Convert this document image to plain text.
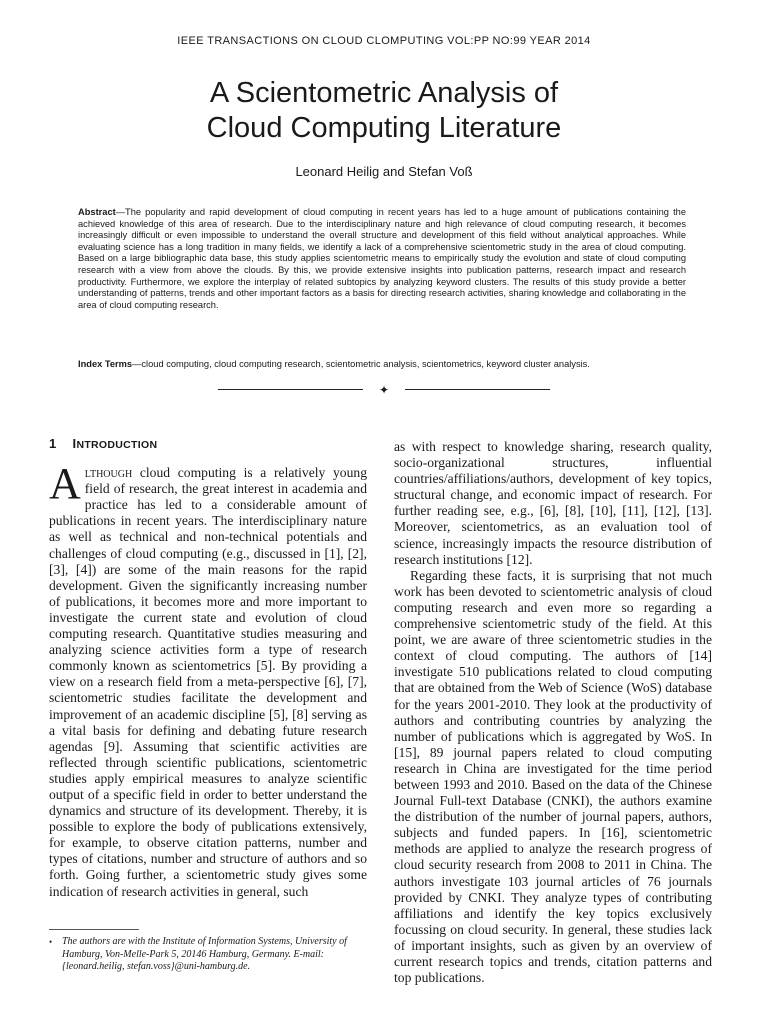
IEEE TRANSACTIONS ON CLOUD CLOMPUTING VOL:PP NO:99 YEAR 2014
A Scientometric Analysis of
Cloud Computing Literature
Leonard Heilig and Stefan Voß

Abstract—The popularity and rapid development of cloud computing in recent years has led to a huge amount of publications containing the achieved knowledge of this area of research. Due to the interdisciplinary nature and high relevance of cloud computing research, it becomes increasingly difficult or even impossible to understand the overall structure and development of this field without analytical approaches. While evaluating science has a long tradition in many fields, we identify a lack of a comprehensive scientometric study in the area of cloud computing. Based on a large bibliographic data base, this study applies scientometric means to empirically study the evolution and state of cloud computing research with a view from above the clouds. By this, we provide extensive insights into publication patterns, research impact and research productivity. Furthermore, we explore the interplay of related subtopics by analyzing keyword clusters. The results of this study provide a better understanding of patterns, trends and other important factors as a basis for directing research activities, sharing knowledge and collaborating in the area of cloud computing research.

Index Terms—cloud computing, cloud computing research, scientometric analysis, scientometrics, keyword cluster analysis.

✦
1 INTRODUCTION

Although cloud computing is a relatively young field of research, the great interest in academia and practice has led to a considerable amount of publications in recent years. The interdisciplinary nature as well as technical and non-technical potentials and challenges of cloud computing (e.g., discussed in [1], [2], [3], [4]) are some of the main reasons for the rapid development. Given the significantly increasing number of publications, it becomes more and more important to investigate the current state and evolution of cloud computing research. Quantitative studies measuring and analyzing science activities form a type of research commonly known as scientometrics [5]. By providing a view on a research field from a meta-perspective [6], [7], scientometric studies facilitate the development and improvement of an academic discipline [5], [8] serving as a vital basis for defining and debating future research agendas [9]. Assuming that scientific activities are reflected through scientific publications, scientometric studies apply empirical measures to analyze scientific output of a specific field in order to better understand the dynamics and structure of its development. Thereby, it is possible to explore the body of publications extensively, for example, to observe citation patterns, number and types of citations, number and structure of authors and so forth. Going further, a scientometric study gives some indication of research activities in general, such

as with respect to knowledge sharing, research quality, socio-organizational structures, influential countries/affiliations/authors, development of key topics, structural change, and economic impact of research. For further reading see, e.g., [6], [8], [10], [11], [12], [13]. Moreover, scientometrics, as an evaluation tool of science, increasingly impacts the resource distribution of research institutions [12].

Regarding these facts, it is surprising that not much work has been devoted to scientometric analysis of cloud computing research and even more so regarding a comprehensive scientometric study of the field. At this point, we are aware of three scientometric studies in the context of cloud computing. The authors of [14] investigate 510 publications related to cloud computing that are obtained from the Web of Science (WoS) database for the years 2001-2010. They look at the productivity of authors and contributing countries by analyzing the number of publications which is aggregated by WoS. In [15], 89 journal papers related to cloud computing research in China are investigated for the time period between 1993 and 2010. Based on the data of the Chinese Journal Full-text Database (CNKI), the authors examine the distribution of the number of journal papers, authors, subjects and funded papers. In [16], scientometric methods are applied to analyze the research progress of cloud security research from 2008 to 2011 in China. The authors investigate 103 journal articles of 76 journals provided by CNKI. They analyze types of contributing affiliations and identify the key topics exclusively focussing on cloud security. In general, these studies lack of important insights, such as given by an overview of current research topics and trends, citation patterns and top publications.

• The authors are with the Institute of Information Systems, University of Hamburg, Von-Melle-Park 5, 20146 Hamburg, Germany. E-mail: {leonard.heilig, stefan.voss}@uni-hamburg.de.
